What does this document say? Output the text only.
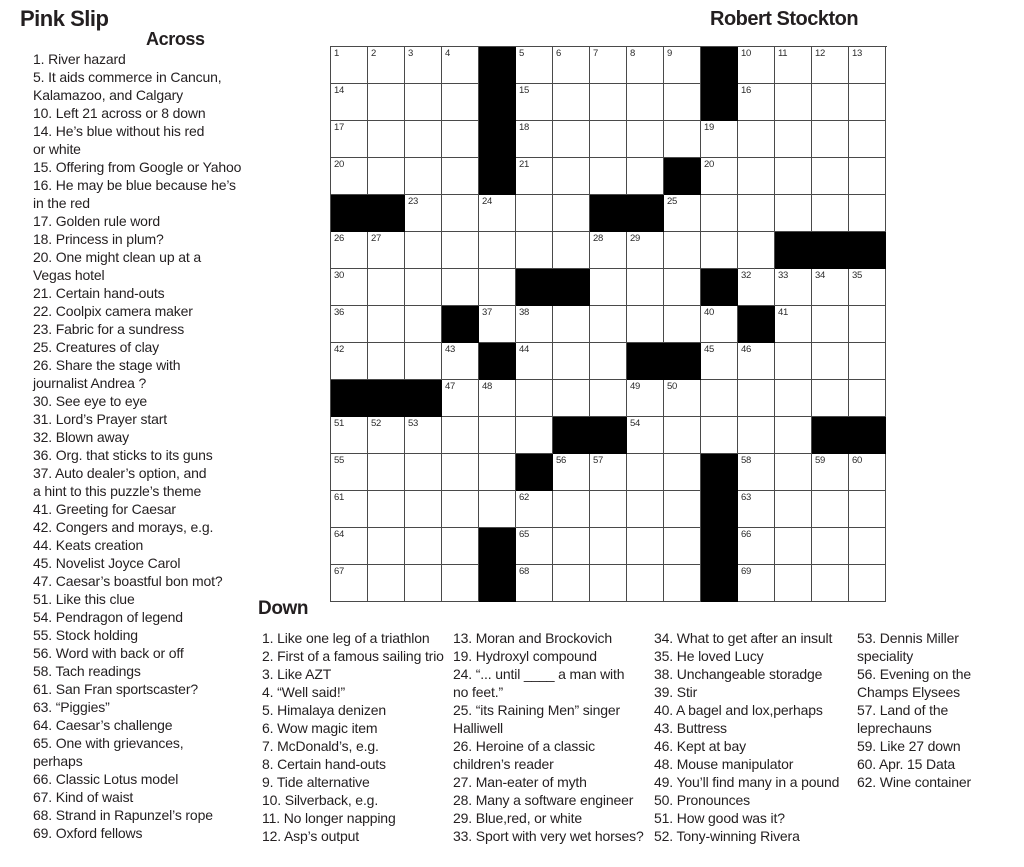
Pink Slip	Robert Stockton
Across
1. River hazard
5. It aids commerce in Cancun,
Kalamazoo, and Calgary
10. Left 21 across or 8 down
14. He’s blue without his red
or white
15. Offering from Google or Yahoo
16. He may be blue because he’s
in the red
17. Golden rule word
18. Princess in plum?
20. One might clean up at a
Vegas hotel
21. Certain hand-outs
22. Coolpix camera maker
23. Fabric for a sundress
25. Creatures of clay
26. Share the stage with
journalist Andrea ?
30. See eye to eye
31. Lord’s Prayer start
32. Blown away
36. Org. that sticks to its guns
37. Auto dealer’s option, and
a hint to this puzzle’s theme
41. Greeting for Caesar
42. Congers and morays, e.g.
44. Keats creation
45. Novelist Joyce Carol
47. Caesar’s boastful bon mot?
51. Like this clue
54. Pendragon of legend
55. Stock holding
56. Word with back or off
58. Tach readings
61. San Fran sportscaster?
63. “Piggies”
64. Caesar’s challenge
65. One with grievances,
perhaps
66. Classic Lotus model
67. Kind of waist
68. Strand in Rapunzel’s rope
69. Oxford fellows
1	2	3	4	5	6	7	8	9	10	11	12	13
14	15	16
17	18	19
20	21	20
23	24	25
26	27	28	29
30	32	33	34	35
36	37	38	40	41
42	43	44	45	46
47	48	49	50
51	52	53	54
55	56	57	58	59	60
61	62	63
64	65	66
67	68	69
Down
1. Like one leg of a triathlon
2. First of a famous sailing trio
3. Like AZT
4. “Well said!”
5. Himalaya denizen
6. Wow magic item
7. McDonald’s, e.g.
8. Certain hand-outs
9. Tide alternative
10. Silverback, e.g.
11. No longer napping
12. Asp’s output
13. Moran and Brockovich
19. Hydroxyl compound
24. “... until ____ a man with
no feet.”
25. “its Raining Men” singer
Halliwell
26. Heroine of a classic
children’s reader
27. Man-eater of myth
28. Many a software engineer
29. Blue,red, or white
33. Sport with very wet horses?
34. What to get after an insult
35. He loved Lucy
38. Unchangeable storadge
39. Stir
40. A bagel and lox,perhaps
43. Buttress
46. Kept at bay
48. Mouse manipulator
49. You’ll find many in a pound
50. Pronounces
51. How good was it?
52. Tony-winning Rivera
53. Dennis Miller
speciality
56. Evening on the
Champs Elysees
57. Land of the
leprechauns
59. Like 27 down
60. Apr. 15 Data
62. Wine container
